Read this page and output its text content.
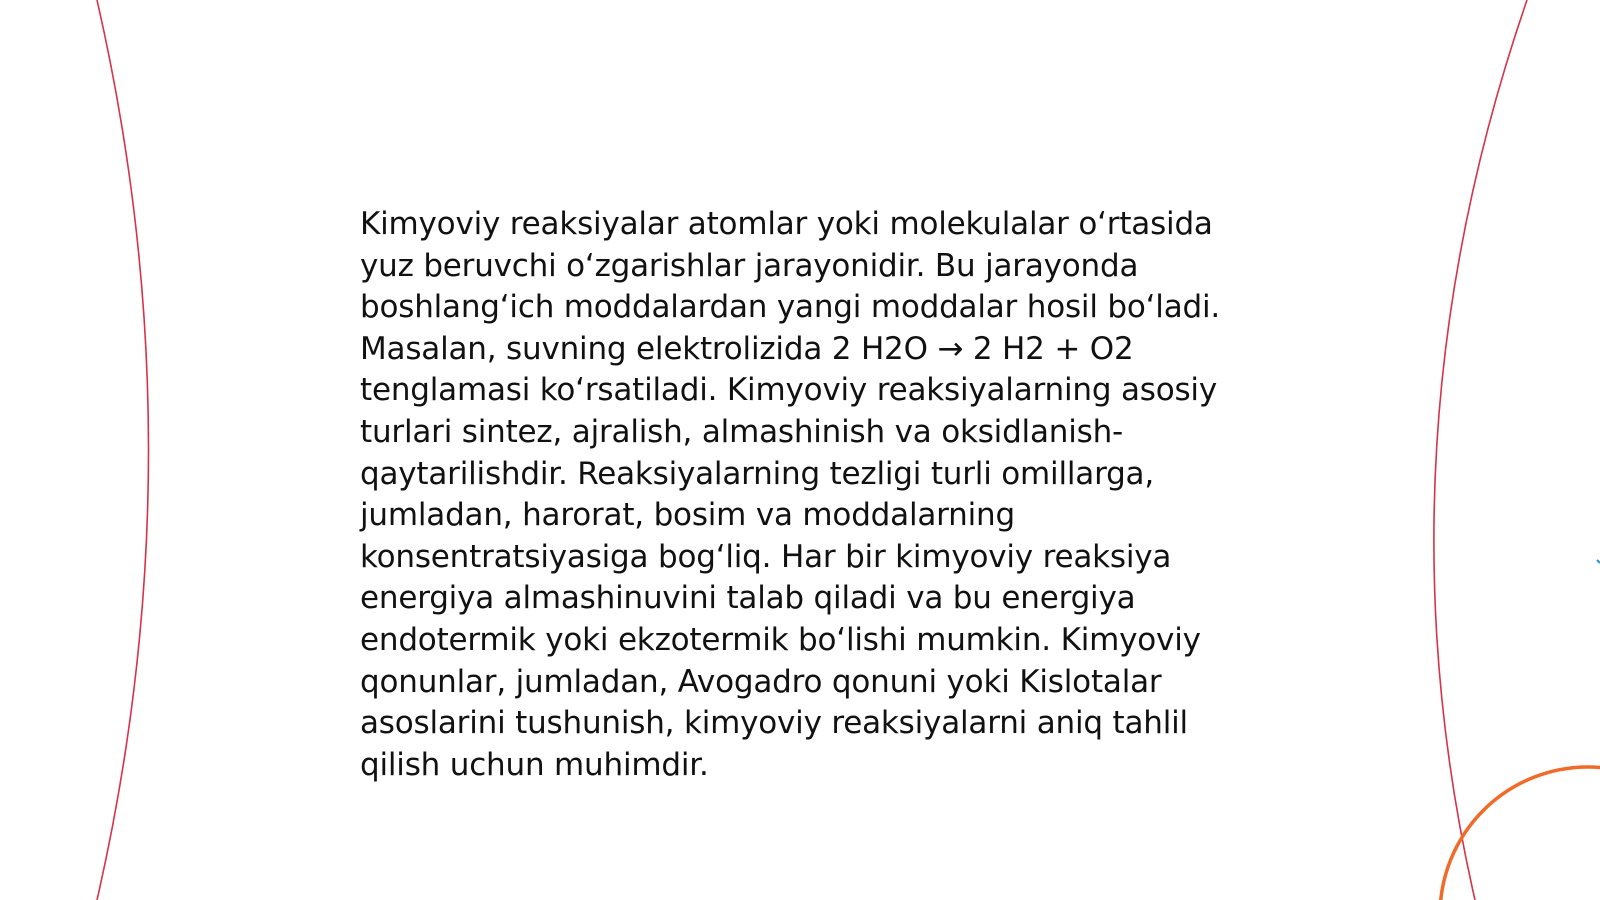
Kimyoviy reaksiyalar atomlar yoki molekulalar o‘rtasida yuz beruvchi o‘zgarishlar jarayonidir. Bu jarayonda boshlang‘ich moddalardan yangi moddalar hosil bo‘ladi. Masalan, suvning elektrolizida 2 H2O → 2 H2 + O2 tenglamasi ko‘rsatiladi. Kimyoviy reaksiyalarning asosiy turlari sintez, ajralish, almashinish va oksidlanish-qaytarilishdir. Reaksiyalarning tezligi turli omillarga, jumladan, harorat, bosim va moddalarning konsentratsiyasiga bog‘liq. Har bir kimyoviy reaksiya energiya almashinuvini talab qiladi va bu energiya endotermik yoki ekzotermik bo‘lishi mumkin. Kimyoviy qonunlar, jumladan, Avogadro qonuni yoki Kislotalar asoslarini tushunish, kimyoviy reaksiyalarni aniq tahlil qilish uchun muhimdir.
